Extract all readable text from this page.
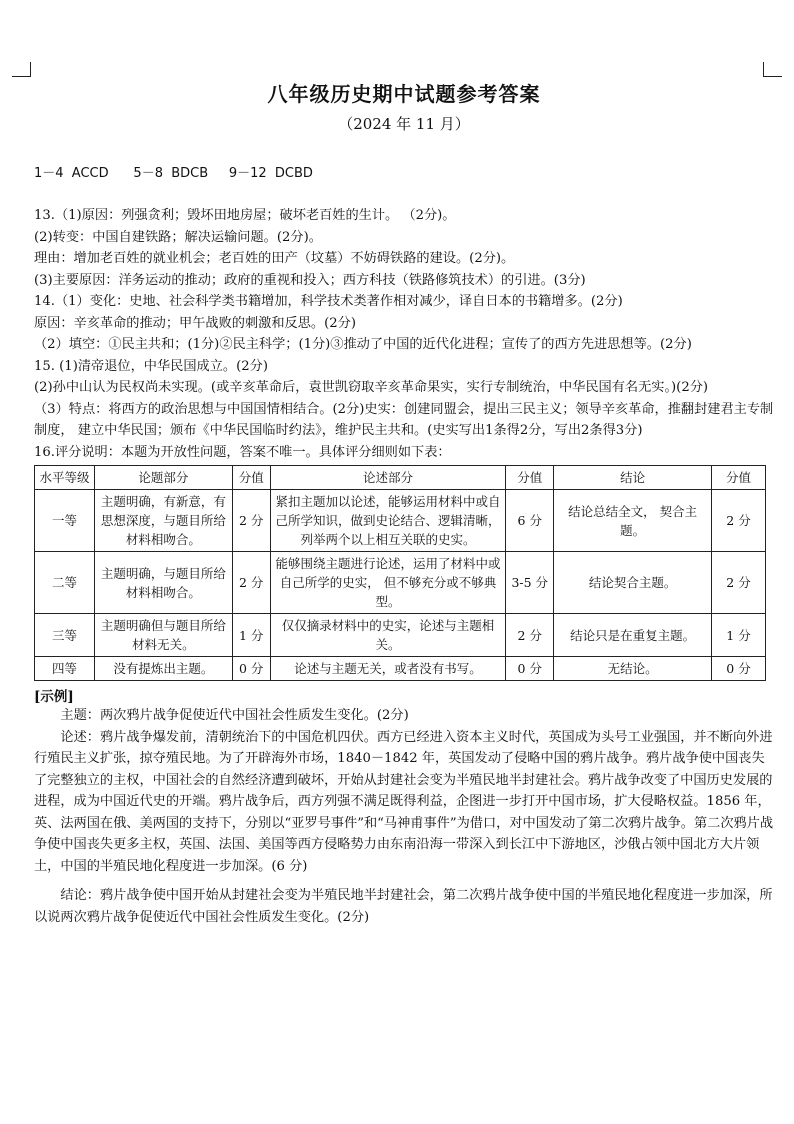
八年级历史期中试题参考答案
（2024 年 11 月）
1－4  ACCD      5－8  BDCB     9－12  DCBD

13.（1)原因：列强贪利；毁坏田地房屋；破坏老百姓的生计。 （2分)。

(2)转变：中国自建铁路；解决运输问题。(2分)。

理由：增加老百姓的就业机会；老百姓的田产（坟墓）不妨碍铁路的建设。(2分)。

(3)主要原因：洋务运动的推动；政府的重视和投入；西方科技（铁路修筑技术）的引进。(3分)

14.（1）变化：史地、社会科学类书籍增加，科学技术类著作相对减少，译自日本的书籍增多。(2分)

原因：辛亥革命的推动；甲午战败的刺激和反思。(2分)

（2）填空：①民主共和；(1分)②民主科学；(1分)③推动了中国的近代化进程；宣传了的西方先进思想等。(2分)

15. (1)清帝退位，中华民国成立。(2分)

(2)孙中山认为民权尚未实现。(或辛亥革命后，袁世凯窃取辛亥革命果实，实行专制统治，中华民国有名无实。)(2分)

（3）特点：将西方的政治思想与中国国情相结合。(2分)史实：创建同盟会，提出三民主义；领导辛亥革命，推翻封建君主专制制度， 建立中华民国；颁布《中华民国临时约法》，维护民主共和。(史实写出1条得2分，写出2条得3分)

16.评分说明：本题为开放性问题，答案不唯一。具体评分细则如下表：

水平等级	论题部分	分值	论述部分	分值	结论	分值
一等	主题明确，有新意，有思想深度，与题目所给材料相吻合。	2 分	紧扣主题加以论述，能够运用材料中或自己所学知识，做到史论结合、逻辑清晰， 列举两个以上相互关联的史实。	6 分	结论总结全文， 契合主题。	2 分
二等	主题明确，与题目所给材料相吻合。	2 分	能够围绕主题进行论述，运用了材料中或自己所学的史实， 但不够充分或不够典型。	3-5 分	结论契合主题。	2 分
三等	主题明确但与题目所给材料无关。	1 分	仅仅摘录材料中的史实，论述与主题相关。	2 分	结论只是在重复主题。	1 分
四等	没有提炼出主题。	0 分	论述与主题无关，或者没有书写。	0 分	无结论。	0 分
[示例]

主题：两次鸦片战争促使近代中国社会性质发生变化。(2分)

论述：鸦片战争爆发前，清朝统治下的中国危机四伏。西方已经进入资本主义时代，英国成为头号工业强国，并不断向外进行殖民主义扩张，掠夺殖民地。为了开辟海外市场，1840－1842 年，英国发动了侵略中国的鸦片战争。鸦片战争使中国丧失了完整独立的主权，中国社会的自然经济遭到破坏，开始从封建社会变为半殖民地半封建社会。鸦片战争改变了中国历史发展的进程，成为中国近代史的开端。鸦片战争后，西方列强不满足既得利益，企图进一步打开中国市场，扩大侵略权益。1856 年，英、法两国在俄、美两国的支持下，分别以“亚罗号事件”和“马神甫事件”为借口，对中国发动了第二次鸦片战争。第二次鸦片战争使中国丧失更多主权，英国、法国、美国等西方侵略势力由东南沿海一带深入到长江中下游地区，沙俄占领中国北方大片领土，中国的半殖民地化程度进一步加深。(6 分)

结论：鸦片战争使中国开始从封建社会变为半殖民地半封建社会，第二次鸦片战争使中国的半殖民地化程度进一步加深，所以说两次鸦片战争促使近代中国社会性质发生变化。(2分)
